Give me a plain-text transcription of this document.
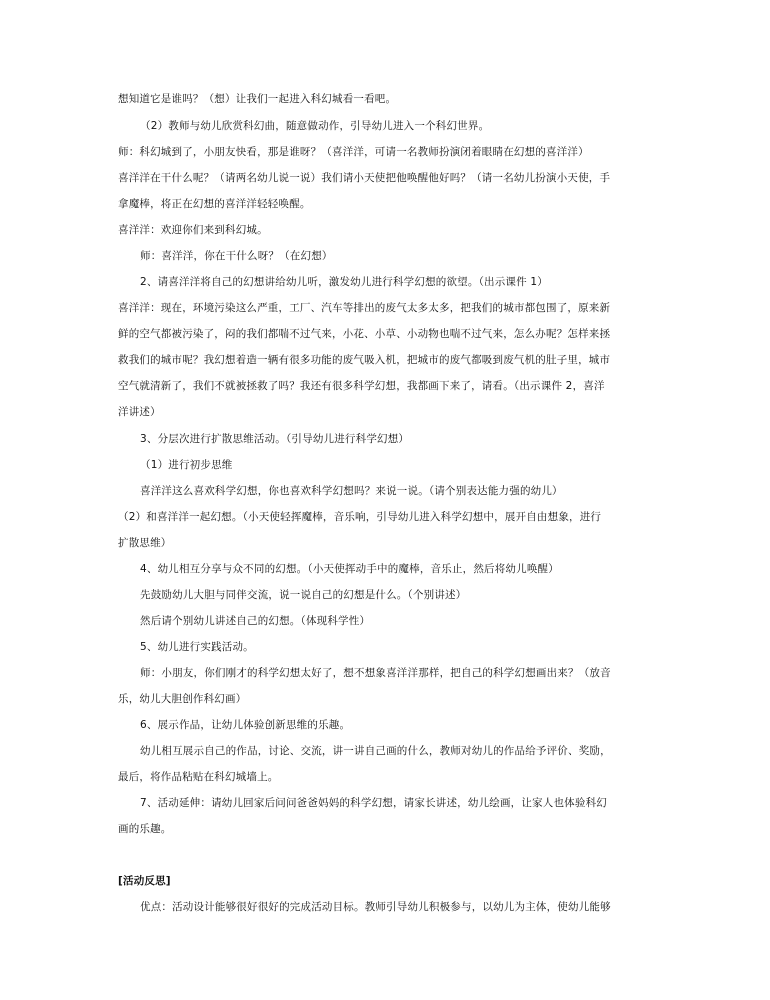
想知道它是谁吗？（想）让我们一起进入科幻城看一看吧。
（2）教师与幼儿欣赏科幻曲，随意做动作，引导幼儿进入一个科幻世界。
师：科幻城到了，小朋友快看，那是谁呀？（喜洋洋，可请一名教师扮演闭着眼睛在幻想的喜洋洋）
喜洋洋在干什么呢？（请两名幼儿说一说）我们请小天使把他唤醒他好吗？（请一名幼儿扮演小天使，手
拿魔棒，将正在幻想的喜洋洋轻轻唤醒。
喜洋洋：欢迎你们来到科幻城。
师：喜洋洋，你在干什么呀？（在幻想）
2、请喜洋洋将自己的幻想讲给幼儿听，激发幼儿进行科学幻想的欲望。（出示课件 1）
喜洋洋：现在，环境污染这么严重，工厂、汽车等排出的废气太多太多，把我们的城市都包围了，原来新
鲜的空气都被污染了，闷的我们都喘不过气来，小花、小草、小动物也喘不过气来，怎么办呢？怎样来拯
救我们的城市呢？我幻想着造一辆有很多功能的废气吸入机，把城市的废气都吸到废气机的肚子里，城市
空气就清新了，我们不就被拯救了吗？我还有很多科学幻想，我都画下来了，请看。（出示课件 2，喜洋
洋讲述）
3、分层次进行扩散思维活动。（引导幼儿进行科学幻想）
（1）进行初步思维
喜洋洋这么喜欢科学幻想，你也喜欢科学幻想吗？来说一说。（请个别表达能力强的幼儿）
（2）和喜洋洋一起幻想。（小天使轻挥魔棒，音乐响，引导幼儿进入科学幻想中，展开自由想象，进行
扩散思维）
4、幼儿相互分享与众不同的幻想。（小天使挥动手中的魔棒，音乐止，然后将幼儿唤醒）
先鼓励幼儿大胆与同伴交流，说一说自己的幻想是什么。（个别讲述）
然后请个别幼儿讲述自己的幻想。（体现科学性）
5、幼儿进行实践活动。
师：小朋友，你们刚才的科学幻想太好了，想不想象喜洋洋那样，把自己的科学幻想画出来？（放音
乐，幼儿大胆创作科幻画）
6、展示作品，让幼儿体验创新思维的乐趣。
幼儿相互展示自己的作品，讨论、交流，讲一讲自己画的什么，教师对幼儿的作品给予评价、奖励，
最后，将作品粘贴在科幻城墙上。
7、活动延伸：请幼儿回家后问问爸爸妈妈的科学幻想，请家长讲述，幼儿绘画，让家人也体验科幻
画的乐趣。
[活动反思]
优点：活动设计能够很好很好的完成活动目标。教师引导幼儿积极参与，以幼儿为主体，使幼儿能够
